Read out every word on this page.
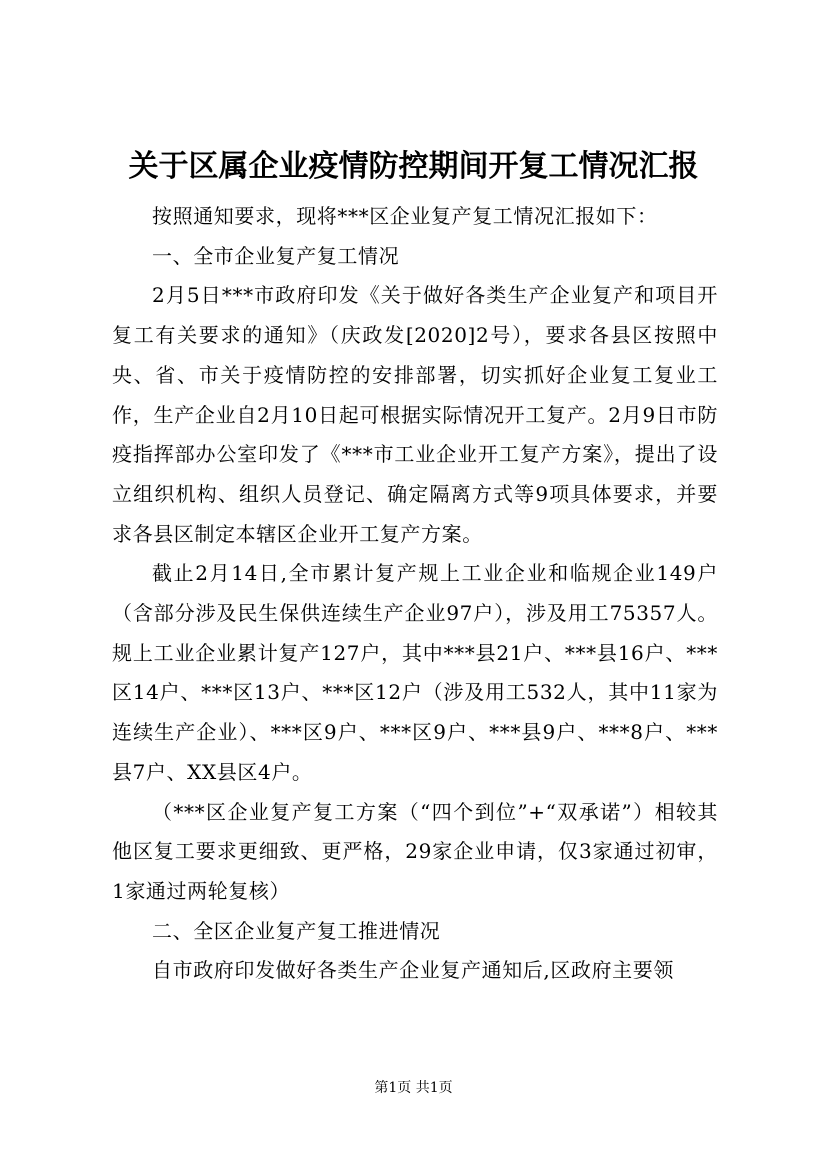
关于区属企业疫情防控期间开复工情况汇报

按照通知要求，现将***区企业复产复工情况汇报如下：

一、全市企业复产复工情况

2月5日***市政府印发《关于做好各类生产企业复产和项目开复工有关要求的通知》（庆政发[2020]2号），要求各县区按照中央、省、市关于疫情防控的安排部署，切实抓好企业复工复业工作，生产企业自2月10日起可根据实际情况开工复产。2月9日市防疫指挥部办公室印发了《***市工业企业开工复产方案》，提出了设立组织机构、组织人员登记、确定隔离方式等9项具体要求，并要求各县区制定本辖区企业开工复产方案。

截止2月14日,全市累计复产规上工业企业和临规企业149户（含部分涉及民生保供连续生产企业97户），涉及用工75357人。规上工业企业累计复产127户，其中***县21户、***县16户、***区14户、***区13户、***区12户（涉及用工532人，其中11家为连续生产企业）、***区9户、***区9户、***县9户、***8户、***县7户、XX县区4户。

（***区企业复产复工方案（“四个到位”+“双承诺”）相较其他区复工要求更细致、更严格，29家企业申请，仅3家通过初审，1家通过两轮复核）

二、全区企业复产复工推进情况

自市政府印发做好各类生产企业复产通知后,区政府主要领

第1页 共1页
